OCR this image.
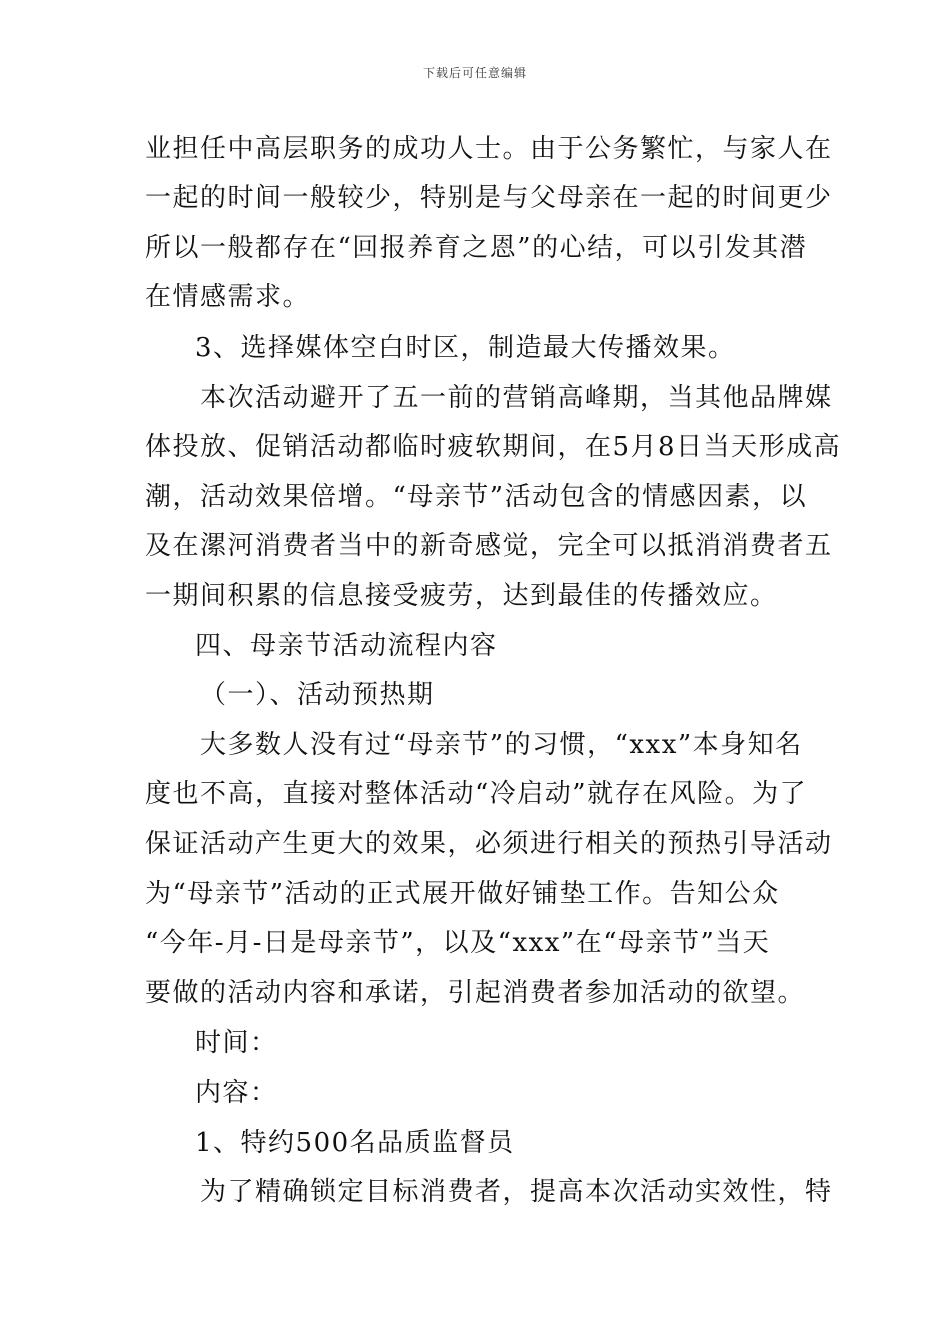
下载后可任意编辑
业担任中高层职务的成功人士。由于公务繁忙，与家人在
一起的时间一般较少，特别是与父母亲在一起的时间更少
所以一般都存在“回报养育之恩”的心结，可以引发其潜
在情感需求。
3、选择媒体空白时区，制造最大传播效果。
本次活动避开了五一前的营销高峰期，当其他品牌媒
体投放、促销活动都临时疲软期间，在5月8日当天形成高
潮，活动效果倍增。“母亲节”活动包含的情感因素，以
及在漯河消费者当中的新奇感觉，完全可以抵消消费者五
一期间积累的信息接受疲劳，达到最佳的传播效应。
四、母亲节活动流程内容
（一）、活动预热期
大多数人没有过“母亲节”的习惯，“xxx”本身知名
度也不高，直接对整体活动“冷启动”就存在风险。为了
保证活动产生更大的效果，必须进行相关的预热引导活动
为“母亲节”活动的正式展开做好铺垫工作。告知公众
“今年-月-日是母亲节”，以及“xxx”在“母亲节”当天
要做的活动内容和承诺，引起消费者参加活动的欲望。
时间：
内容：
1、特约500名品质监督员
为了精确锁定目标消费者，提高本次活动实效性，特
